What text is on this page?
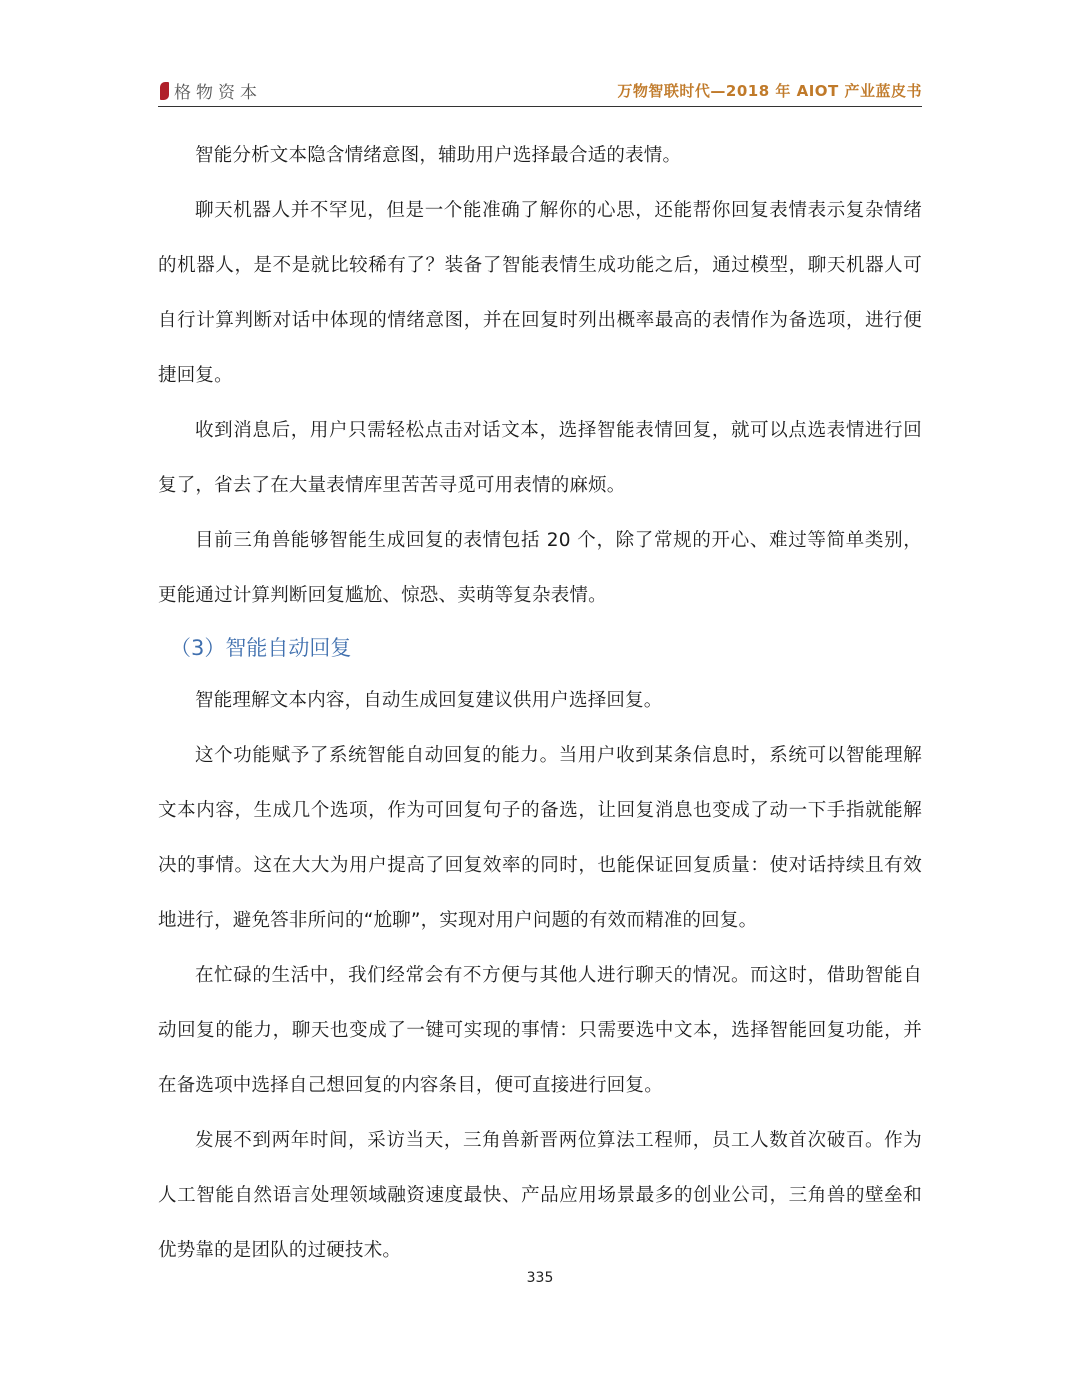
格物资本	万物智联时代—2018 年 AIOT 产业蓝皮书

智能分析文本隐含情绪意图，辅助用户选择最合适的表情。

聊天机器人并不罕见，但是一个能准确了解你的心思，还能帮你回复表情表示复杂情绪的机器人，是不是就比较稀有了？装备了智能表情生成功能之后，通过模型，聊天机器人可自行计算判断对话中体现的情绪意图，并在回复时列出概率最高的表情作为备选项，进行便捷回复。

收到消息后，用户只需轻松点击对话文本，选择智能表情回复，就可以点选表情进行回复了，省去了在大量表情库里苦苦寻觅可用表情的麻烦。

目前三角兽能够智能生成回复的表情包括 20 个，除了常规的开心、难过等简单类别，更能通过计算判断回复尴尬、惊恐、卖萌等复杂表情。

（3）智能自动回复

智能理解文本内容，自动生成回复建议供用户选择回复。

这个功能赋予了系统智能自动回复的能力。当用户收到某条信息时，系统可以智能理解文本内容，生成几个选项，作为可回复句子的备选，让回复消息也变成了动一下手指就能解决的事情。这在大大为用户提高了回复效率的同时，也能保证回复质量：使对话持续且有效地进行，避免答非所问的“尬聊”，实现对用户问题的有效而精准的回复。

在忙碌的生活中，我们经常会有不方便与其他人进行聊天的情况。而这时，借助智能自动回复的能力，聊天也变成了一键可实现的事情：只需要选中文本，选择智能回复功能，并在备选项中选择自己想回复的内容条目，便可直接进行回复。

发展不到两年时间，采访当天，三角兽新晋两位算法工程师，员工人数首次破百。作为人工智能自然语言处理领域融资速度最快、产品应用场景最多的创业公司，三角兽的壁垒和优势靠的是团队的过硬技术。

335
